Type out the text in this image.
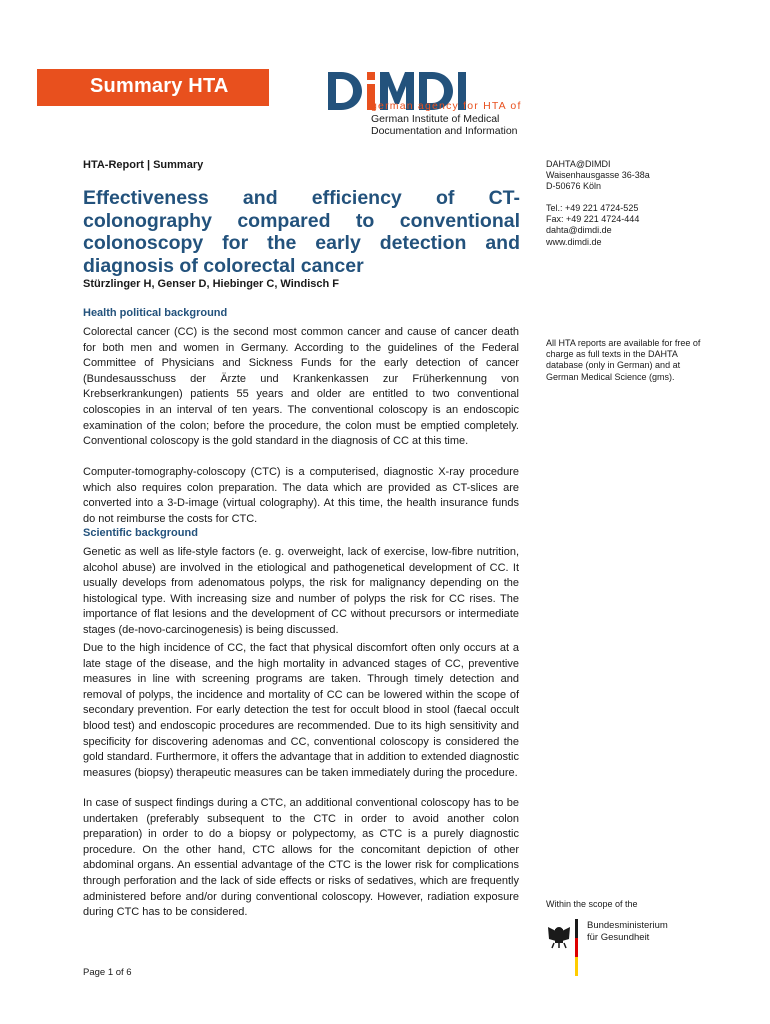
Summary HTA
german agency for HTA of
German Institute of Medical
Documentation and Information
HTA-Report | Summary
Effectiveness and efficiency of CT-colonography compared to conventional colonoscopy for the early detection and diagnosis of colorectal cancer
Stürzlinger H, Genser D, Hiebinger C, Windisch F
Health political background

Colorectal cancer (CC) is the second most common cancer and cause of cancer death for both men and women in Germany. According to the guidelines of the Federal Committee of Physicians and Sickness Funds for the early detection of cancer (Bundesausschuss der Ärzte und Krankenkassen zur Früherkennung von Krebserkrankungen) patients 55 years and older are entitled to two conventional coloscopies in an interval of ten years. The conventional coloscopy is an endoscopic examination of the colon; before the procedure, the colon must be emptied completely. Conventional coloscopy is the gold standard in the diagnosis of CC at this time.

Computer-tomography-coloscopy (CTC) is a computerised, diagnostic X-ray procedure which also requires colon preparation. The data which are provided as CT-slices are converted into a 3-D-image (virtual colography). At this time, the health insurance funds do not reimburse the costs for CTC.

Scientific background

Genetic as well as life-style factors (e. g. overweight, lack of exercise, low-fibre nutrition, alcohol abuse) are involved in the etiological and pathogenetical development of CC. It usually develops from adenomatous polyps, the risk for malignancy depending on the histological type. With increasing size and number of polyps the risk for CC rises. The importance of flat lesions and the development of CC without precursors or intermediate stages (de-novo-carcinogenesis) is being discussed.

Due to the high incidence of CC, the fact that physical discomfort often only occurs at a late stage of the disease, and the high mortality in advanced stages of CC, preventive measures in line with screening programs are taken. Through timely detection and removal of polyps, the incidence and mortality of CC can be lowered within the scope of secondary prevention. For early detection the test for occult blood in stool (faecal occult blood test) and endoscopic procedures are recommended. Due to its high sensitivity and specificity for discovering adenomas and CC, conventional coloscopy is considered the gold standard. Furthermore, it offers the advantage that in addition to extended diagnostic measures (biopsy) therapeutic measures can be taken immediately during the procedure.

In case of suspect findings during a CTC, an additional conventional coloscopy has to be undertaken (preferably subsequent to the CTC in order to avoid another colon preparation) in order to do a biopsy or polypectomy, as CTC is a purely diagnostic procedure. On the other hand, CTC allows for the concomitant depiction of other abdominal organs. An essential advantage of the CTC is the lower risk for complications through perforation and the lack of side effects or risks of sedatives, which are frequently administered before and/or during conventional coloscopy. However, radiation exposure during CTC has to be considered.

DAHTA@DIMDI
Waisenhausgasse 36-38a
D-50676 Köln
Tel.: +49 221 4724-525
Fax: +49 221 4724-444
dahta@dimdi.de
www.dimdi.de
All HTA reports are available for free of charge as full texts in the DAHTA database (only in German) and at German Medical Science (gms).
Within the scope of the
Bundesministerium
für Gesundheit
Page 1 of 6
